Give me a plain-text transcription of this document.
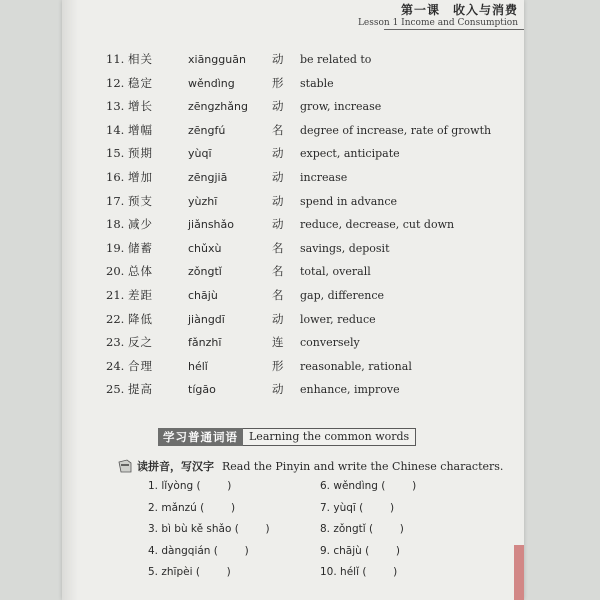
第一课　收入与消费
Lesson 1 Income and Consumption
11. 相关	xiāngguān 动 be related to
12. 稳定	wěndìng	形 stable
13. 增长	zēngzhǎng 动 grow, increase
14. 增幅	zēngfú	名 degree of increase, rate of growth
15. 预期	yùqī	动 expect, anticipate
16. 增加	zēngjiā	动 increase
17. 预支	yùzhī	动 spend in advance
18. 减少	jiǎnshǎo	动 reduce, decrease, cut down
19. 储蓄	chǔxù	名 savings, deposit
20. 总体	zǒngtǐ	名 total, overall
21. 差距	chājù	名 gap, difference
22. 降低	jiàngdī	动 lower, reduce
23. 反之	fǎnzhī	连 conversely
24. 合理	hélǐ	形 reasonable, rational
25. 提高	tígāo	动 enhance, improve
学习普通词语	Learning the common words
读拼音，写汉字 Read the Pinyin and write the Chinese characters.
1. lǐyòng (        )
2. mǎnzú (        )
3. bì bù kě shǎo (        )
4. dàngqián (        )
5. zhīpèi (        )
6. wěndìng (        )
7. yùqī (        )
8. zǒngtǐ (        )
9. chājù (        )
10. hélǐ (        )
